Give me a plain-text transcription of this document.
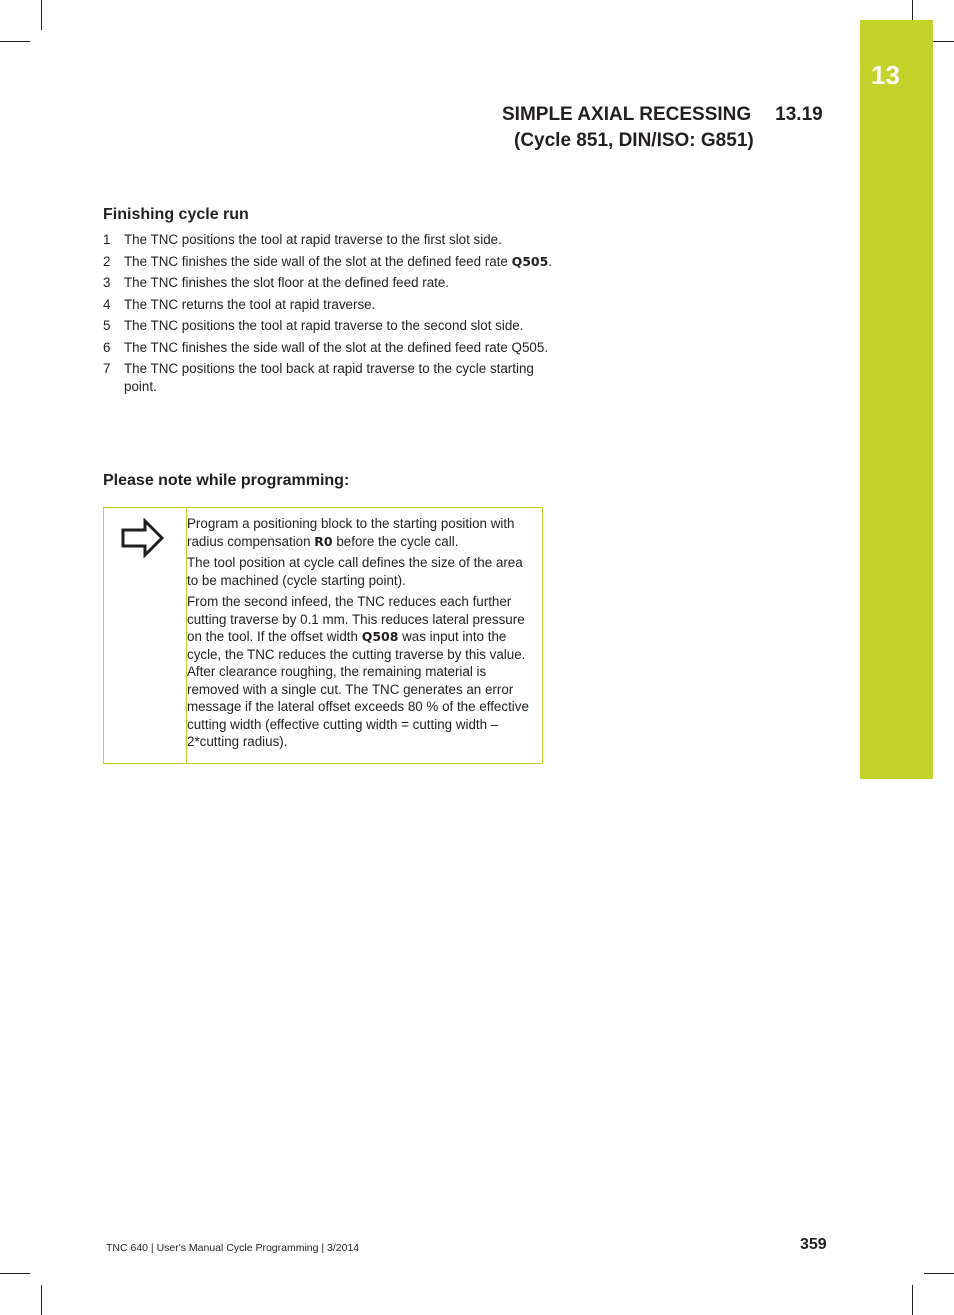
13
SIMPLE AXIAL RECESSING 13.19
(Cycle 851, DIN/ISO: G851)
Finishing cycle run
1 The TNC positions the tool at rapid traverse to the first slot side.
2 The TNC finishes the side wall of the slot at the defined feed rate Q505.
3 The TNC finishes the slot floor at the defined feed rate.
4 The TNC returns the tool at rapid traverse.
5 The TNC positions the tool at rapid traverse to the second slot side.
6 The TNC finishes the side wall of the slot at the defined feed rate Q505.
7 The TNC positions the tool back at rapid traverse to the cycle starting point.
Please note while programming:

Program a positioning block to the starting position with radius compensation R0 before the cycle call.

The tool position at cycle call defines the size of the area to be machined (cycle starting point).

From the second infeed, the TNC reduces each further cutting traverse by 0.1 mm. This reduces lateral pressure on the tool. If the offset width Q508 was input into the cycle, the TNC reduces the cutting traverse by this value. After clearance roughing, the remaining material is removed with a single cut. The TNC generates an error message if the lateral offset exceeds 80 % of the effective cutting width (effective cutting width = cutting width –2*cutting radius).

TNC 640 | User's Manual Cycle Programming | 3/2014	359
